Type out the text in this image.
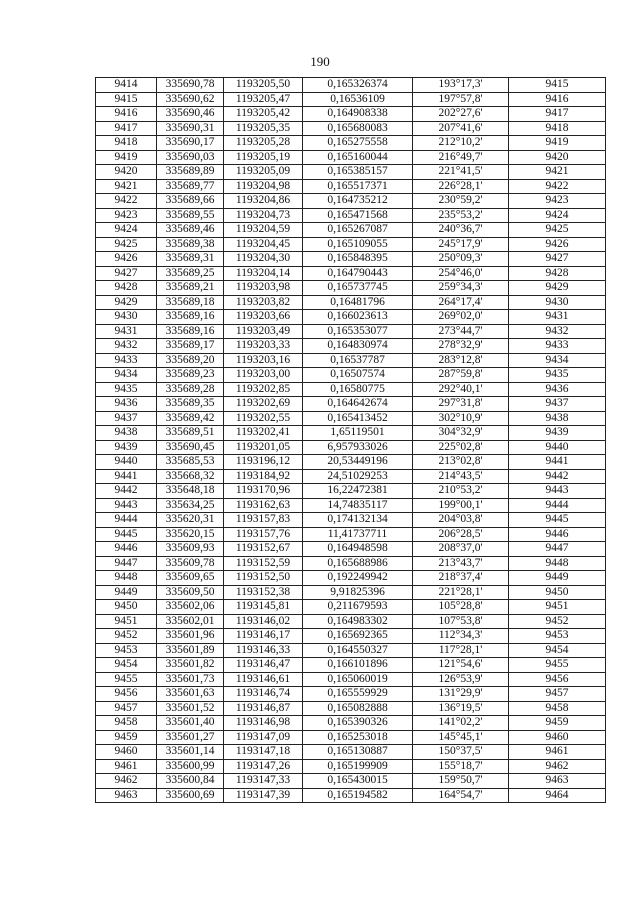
190
9414	335690,78	1193205,50	0,165326374	193°17,3'	9415
9415	335690,62	1193205,47	0,16536109	197°57,8'	9416
9416	335690,46	1193205,42	0,164908338	202°27,6'	9417
9417	335690,31	1193205,35	0,165680083	207°41,6'	9418
9418	335690,17	1193205,28	0,165275558	212°10,2'	9419
9419	335690,03	1193205,19	0,165160044	216°49,7'	9420
9420	335689,89	1193205,09	0,165385157	221°41,5'	9421
9421	335689,77	1193204,98	0,165517371	226°28,1'	9422
9422	335689,66	1193204,86	0,164735212	230°59,2'	9423
9423	335689,55	1193204,73	0,165471568	235°53,2'	9424
9424	335689,46	1193204,59	0,165267087	240°36,7'	9425
9425	335689,38	1193204,45	0,165109055	245°17,9'	9426
9426	335689,31	1193204,30	0,165848395	250°09,3'	9427
9427	335689,25	1193204,14	0,164790443	254°46,0'	9428
9428	335689,21	1193203,98	0,165737745	259°34,3'	9429
9429	335689,18	1193203,82	0,16481796	264°17,4'	9430
9430	335689,16	1193203,66	0,166023613	269°02,0'	9431
9431	335689,16	1193203,49	0,165353077	273°44,7'	9432
9432	335689,17	1193203,33	0,164830974	278°32,9'	9433
9433	335689,20	1193203,16	0,16537787	283°12,8'	9434
9434	335689,23	1193203,00	0,16507574	287°59,8'	9435
9435	335689,28	1193202,85	0,16580775	292°40,1'	9436
9436	335689,35	1193202,69	0,164642674	297°31,8'	9437
9437	335689,42	1193202,55	0,165413452	302°10,9'	9438
9438	335689,51	1193202,41	1,65119501	304°32,9'	9439
9439	335690,45	1193201,05	6,957933026	225°02,8'	9440
9440	335685,53	1193196,12	20,53449196	213°02,8'	9441
9441	335668,32	1193184,92	24,51029253	214°43,5'	9442
9442	335648,18	1193170,96	16,22472381	210°53,2'	9443
9443	335634,25	1193162,63	14,74835117	199°00,1'	9444
9444	335620,31	1193157,83	0,174132134	204°03,8'	9445
9445	335620,15	1193157,76	11,41737711	206°28,5'	9446
9446	335609,93	1193152,67	0,164948598	208°37,0'	9447
9447	335609,78	1193152,59	0,165688986	213°43,7'	9448
9448	335609,65	1193152,50	0,192249942	218°37,4'	9449
9449	335609,50	1193152,38	9,91825396	221°28,1'	9450
9450	335602,06	1193145,81	0,211679593	105°28,8'	9451
9451	335602,01	1193146,02	0,164983302	107°53,8'	9452
9452	335601,96	1193146,17	0,165692365	112°34,3'	9453
9453	335601,89	1193146,33	0,164550327	117°28,1'	9454
9454	335601,82	1193146,47	0,166101896	121°54,6'	9455
9455	335601,73	1193146,61	0,165060019	126°53,9'	9456
9456	335601,63	1193146,74	0,165559929	131°29,9'	9457
9457	335601,52	1193146,87	0,165082888	136°19,5'	9458
9458	335601,40	1193146,98	0,165390326	141°02,2'	9459
9459	335601,27	1193147,09	0,165253018	145°45,1'	9460
9460	335601,14	1193147,18	0,165130887	150°37,5'	9461
9461	335600,99	1193147,26	0,165199909	155°18,7'	9462
9462	335600,84	1193147,33	0,165430015	159°50,7'	9463
9463	335600,69	1193147,39	0,165194582	164°54,7'	9464
